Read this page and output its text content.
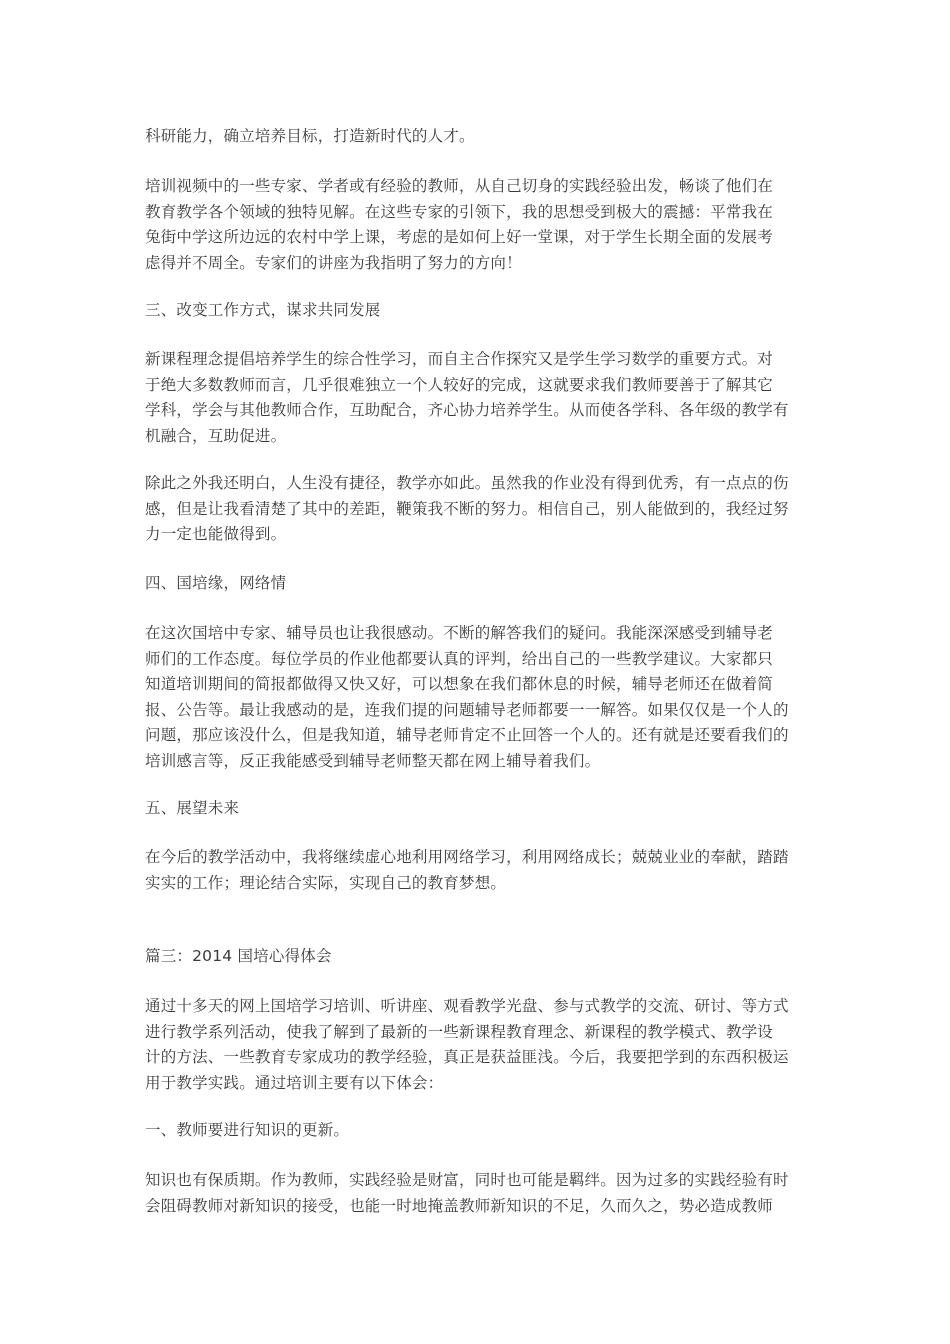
科研能力，确立培养目标，打造新时代的人才。
培训视频中的一些专家、学者或有经验的教师，从自己切身的实践经验出发，畅谈了他们在
教育教学各个领域的独特见解。在这些专家的引领下，我的思想受到极大的震撼：平常我在
兔街中学这所边远的农村中学上课，考虑的是如何上好一堂课，对于学生长期全面的发展考
虑得并不周全。专家们的讲座为我指明了努力的方向！
三、改变工作方式，谋求共同发展
新课程理念提倡培养学生的综合性学习，而自主合作探究又是学生学习数学的重要方式。对
于绝大多数教师而言，几乎很难独立一个人较好的完成，这就要求我们教师要善于了解其它
学科，学会与其他教师合作，互助配合，齐心协力培养学生。从而使各学科、各年级的教学有
机融合，互助促进。
除此之外我还明白，人生没有捷径，教学亦如此。虽然我的作业没有得到优秀，有一点点的伤
感，但是让我看清楚了其中的差距，鞭策我不断的努力。相信自己，别人能做到的，我经过努
力一定也能做得到。
四、国培缘，网络情
在这次国培中专家、辅导员也让我很感动。不断的解答我们的疑问。我能深深感受到辅导老
师们的工作态度。每位学员的作业他都要认真的评判，给出自己的一些教学建议。大家都只
知道培训期间的简报都做得又快又好，可以想象在我们都休息的时候，辅导老师还在做着简
报、公告等。最让我感动的是，连我们提的问题辅导老师都要一一解答。如果仅仅是一个人的
问题，那应该没什么，但是我知道，辅导老师肯定不止回答一个人的。还有就是还要看我们的
培训感言等，反正我能感受到辅导老师整天都在网上辅导着我们。
五、展望未来
在今后的教学活动中，我将继续虚心地利用网络学习，利用网络成长；兢兢业业的奉献，踏踏
实实的工作；理论结合实际，实现自己的教育梦想。
篇三：2014 国培心得体会
通过十多天的网上国培学习培训、听讲座、观看教学光盘、参与式教学的交流、研讨、等方式
进行教学系列活动，使我了解到了最新的一些新课程教育理念、新课程的教学模式、教学设
计的方法、一些教育专家成功的教学经验，真正是获益匪浅。今后，我要把学到的东西积极运
用于教学实践。通过培训主要有以下体会：
一、教师要进行知识的更新。
知识也有保质期。作为教师，实践经验是财富，同时也可能是羁绊。因为过多的实践经验有时
会阻碍教师对新知识的接受，也能一时地掩盖教师新知识的不足，久而久之，势必造成教师
